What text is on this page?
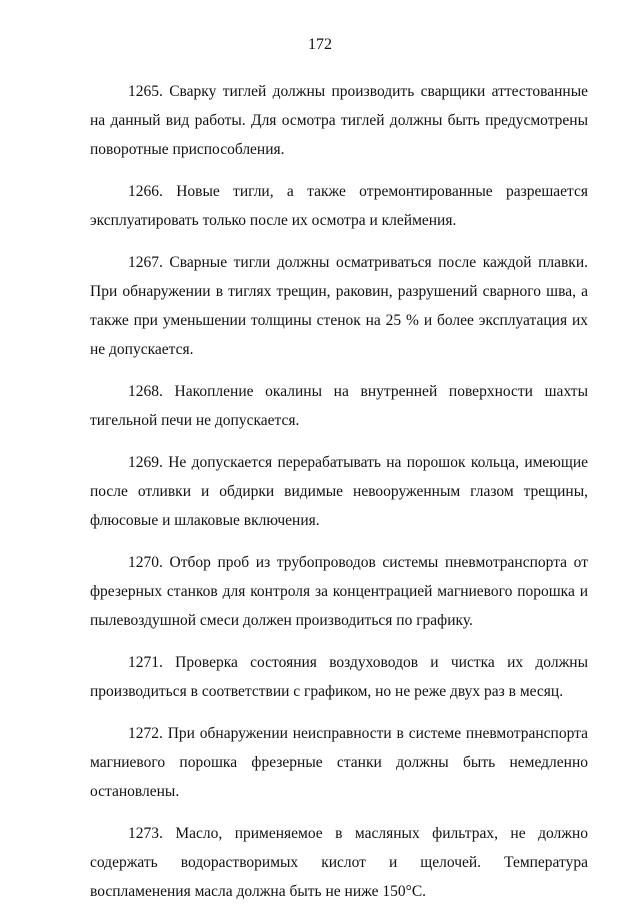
172

1265. Сварку тиглей должны производить сварщики аттестованные на данный вид работы. Для осмотра тиглей должны быть предусмотрены поворотные приспособления.

1266. Новые тигли, а также отремонтированные разрешается эксплуатировать только после их осмотра и клеймения.

1267. Сварные тигли должны осматриваться после каждой плавки. При обнаружении в тиглях трещин, раковин, разрушений сварного шва, а также при уменьшении толщины стенок на 25 % и более эксплуатация их не допускается.

1268. Накопление окалины на внутренней поверхности шахты тигельной печи не допускается.

1269. Не допускается перерабатывать на порошок кольца, имеющие после отливки и обдирки видимые невооруженным глазом трещины, флюсовые и шлаковые включения.

1270. Отбор проб из трубопроводов системы пневмотранспорта от фрезерных станков для контроля за концентрацией магниевого порошка и пылевоздушной смеси должен производиться по графику.

1271. Проверка состояния воздуховодов и чистка их должны производиться в соответствии с графиком, но не реже двух раз в месяц.

1272. При обнаружении неисправности в системе пневмотранспорта магниевого порошка фрезерные станки должны быть немедленно остановлены.

1273. Масло, применяемое в масляных фильтрах, не должно содержать водорастворимых кислот и щелочей. Температура воспламенения масла должна быть не ниже 150°C.
